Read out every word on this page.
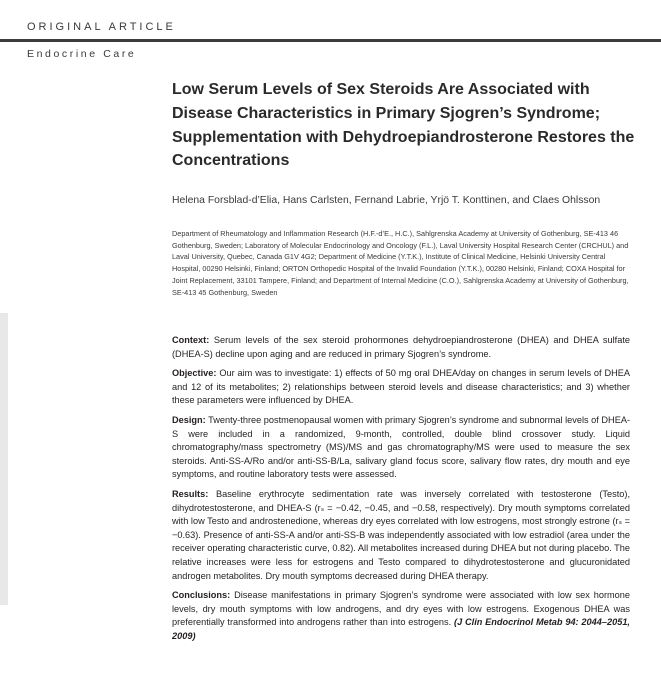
ORIGINAL ARTICLE
Endocrine Care
Low Serum Levels of Sex Steroids Are Associated with Disease Characteristics in Primary Sjogren’s Syndrome; Supplementation with Dehydroepiandrosterone Restores the Concentrations

Helena Forsblad-d’Elia, Hans Carlsten, Fernand Labrie, Yrjö T. Konttinen, and Claes Ohlsson

Department of Rheumatology and Inflammation Research (H.F.-d’E., H.C.), Sahlgrenska Academy at University of Gothenburg, SE-413 46 Gothenburg, Sweden; Laboratory of Molecular Endocrinology and Oncology (F.L.), Laval University Hospital Research Center (CRCHUL) and Laval University, Quebec, Canada G1V 4G2; Department of Medicine (Y.T.K.), Institute of Clinical Medicine, Helsinki University Central Hospital, 00290 Helsinki, Finland; ORTON Orthopedic Hospital of the Invalid Foundation (Y.T.K.), 00280 Helsinki, Finland; COXA Hospital for Joint Replacement, 33101 Tampere, Finland; and Department of Internal Medicine (C.O.), Sahlgrenska Academy at University of Gothenburg, SE-413 45 Gothenburg, Sweden

Context: Serum levels of the sex steroid prohormones dehydroepiandrosterone (DHEA) and DHEA sulfate (DHEA-S) decline upon aging and are reduced in primary Sjogren’s syndrome.

Objective: Our aim was to investigate: 1) effects of 50 mg oral DHEA/day on changes in serum levels of DHEA and 12 of its metabolites; 2) relationships between steroid levels and disease characteristics; and 3) whether these parameters were influenced by DHEA.

Design: Twenty-three postmenopausal women with primary Sjogren’s syndrome and subnormal levels of DHEA-S were included in a randomized, 9-month, controlled, double blind crossover study. Liquid chromatography/mass spectrometry (MS)/MS and gas chromatography/MS were used to measure the sex steroids. Anti-SS-A/Ro and/or anti-SS-B/La, salivary gland focus score, salivary flow rates, dry mouth and eye symptoms, and routine laboratory tests were assessed.

Results: Baseline erythrocyte sedimentation rate was inversely correlated with testosterone (Testo), dihydrotestosterone, and DHEA-S (rₛ = −0.42, −0.45, and −0.58, respectively). Dry mouth symptoms correlated with low Testo and androstenedione, whereas dry eyes correlated with low estrogens, most strongly estrone (rₛ = −0.63). Presence of anti-SS-A and/or anti-SS-B was independently associated with low estradiol (area under the receiver operating characteristic curve, 0.82). All metabolites increased during DHEA but not during placebo. The relative increases were less for estrogens and Testo compared to dihydrotestosterone and glucuronidated androgen metabolites. Dry mouth symptoms decreased during DHEA therapy.

Conclusions: Disease manifestations in primary Sjogren’s syndrome were associated with low sex hormone levels, dry mouth symptoms with low androgens, and dry eyes with low estrogens. Exogenous DHEA was preferentially transformed into androgens rather than into estrogens. (J Clin Endocrinol Metab 94: 2044–2051, 2009)
